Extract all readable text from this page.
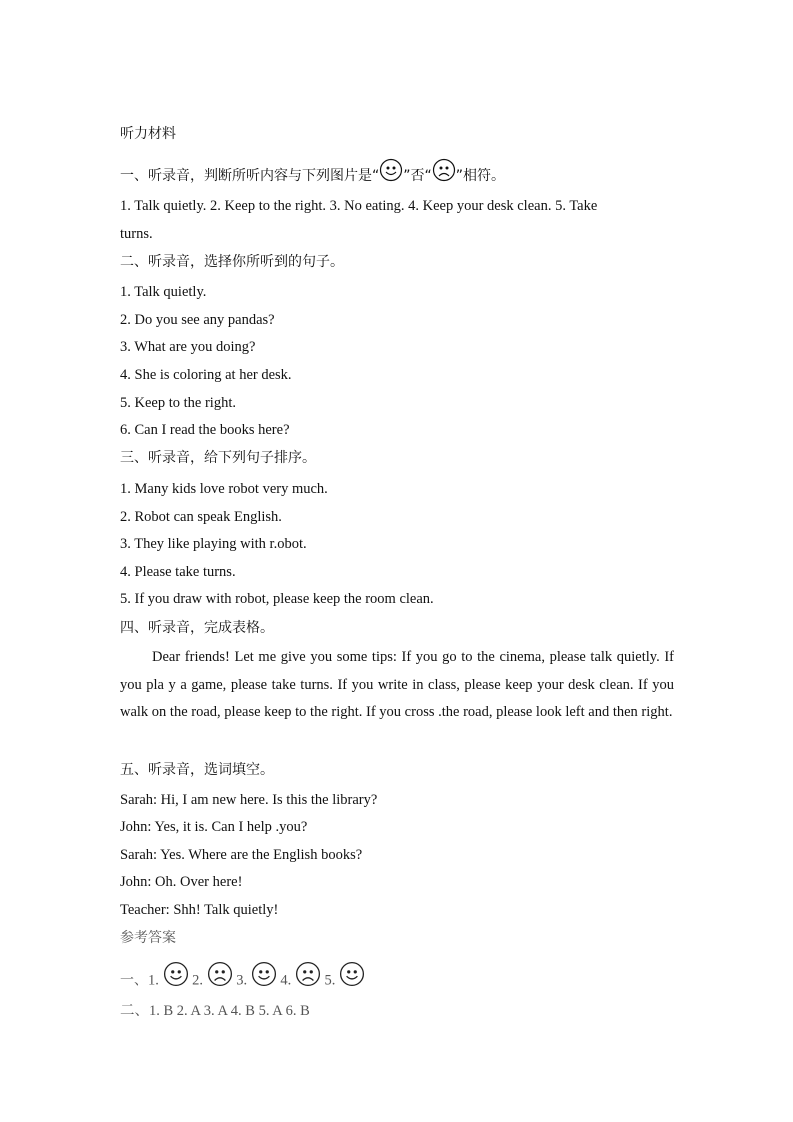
听力材料
一、听录音，判断所听内容与下列图片是“ ”否“ ”相符。
1. Talk quietly. 2. Keep to the right. 3. No eating. 4. Keep your desk clean. 5. Take
turns.
二、听录音，选择你所听到的句子。
1. Talk quietly.
2. Do you see any pandas?
3. What are you doing?
4. She is coloring at her desk.
5. Keep to the right.
6. Can I read the books here?
三、听录音，给下列句子排序。
1. Many kids love robot very much.
2. Robot can speak English.
3. They like playing with r.obot.
4. Please take turns.
5. If you draw with robot, please keep the room clean.
四、听录音，完成表格。
Dear friends! Let me give you some tips: If you go to the cinema, please talk quietly. If you pla y a game, please take turns. If you write in class, please keep your desk clean. If you walk on the road, please keep to the right. If you cross .the road, please look left and then right.
五、听录音，选词填空。
Sarah: Hi, I am new here. Is this the library?
John: Yes, it is. Can I help .you?
Sarah: Yes. Where are the English books?
John: Oh. Over here!
Teacher: Shh! Talk quietly!
参考答案
一、1. 2. 3. 4. 5.
二、1. B 2. A 3. A 4. B 5. A 6. B
